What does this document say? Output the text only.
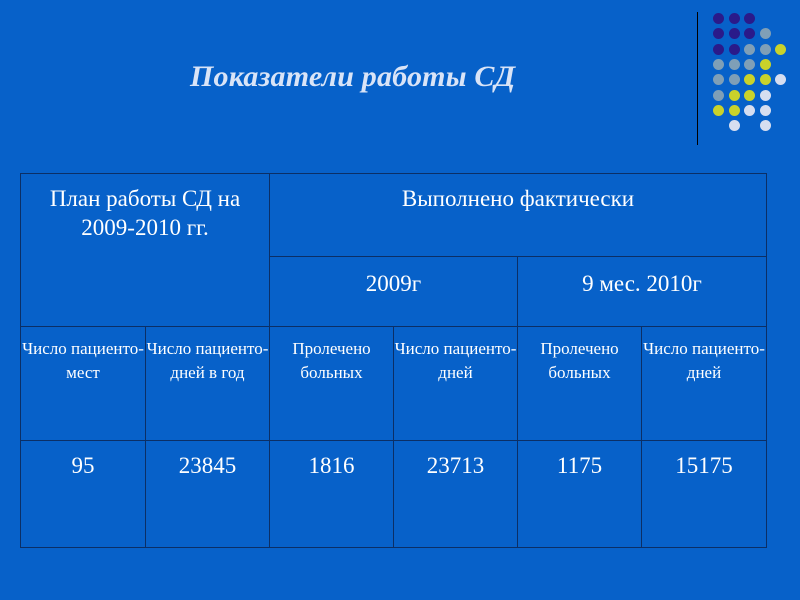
Показатели работы СД
План работы СД на 2009-2010 гг.		Выполнено фактически			
		2009г		9 мес. 2010г	
Число пациенто-мест	Число пациенто-дней в год	Пролечено больных	Число пациенто-дней	Пролечено больных	Число пациенто-дней
95	23845	1816	23713	1175	15175
